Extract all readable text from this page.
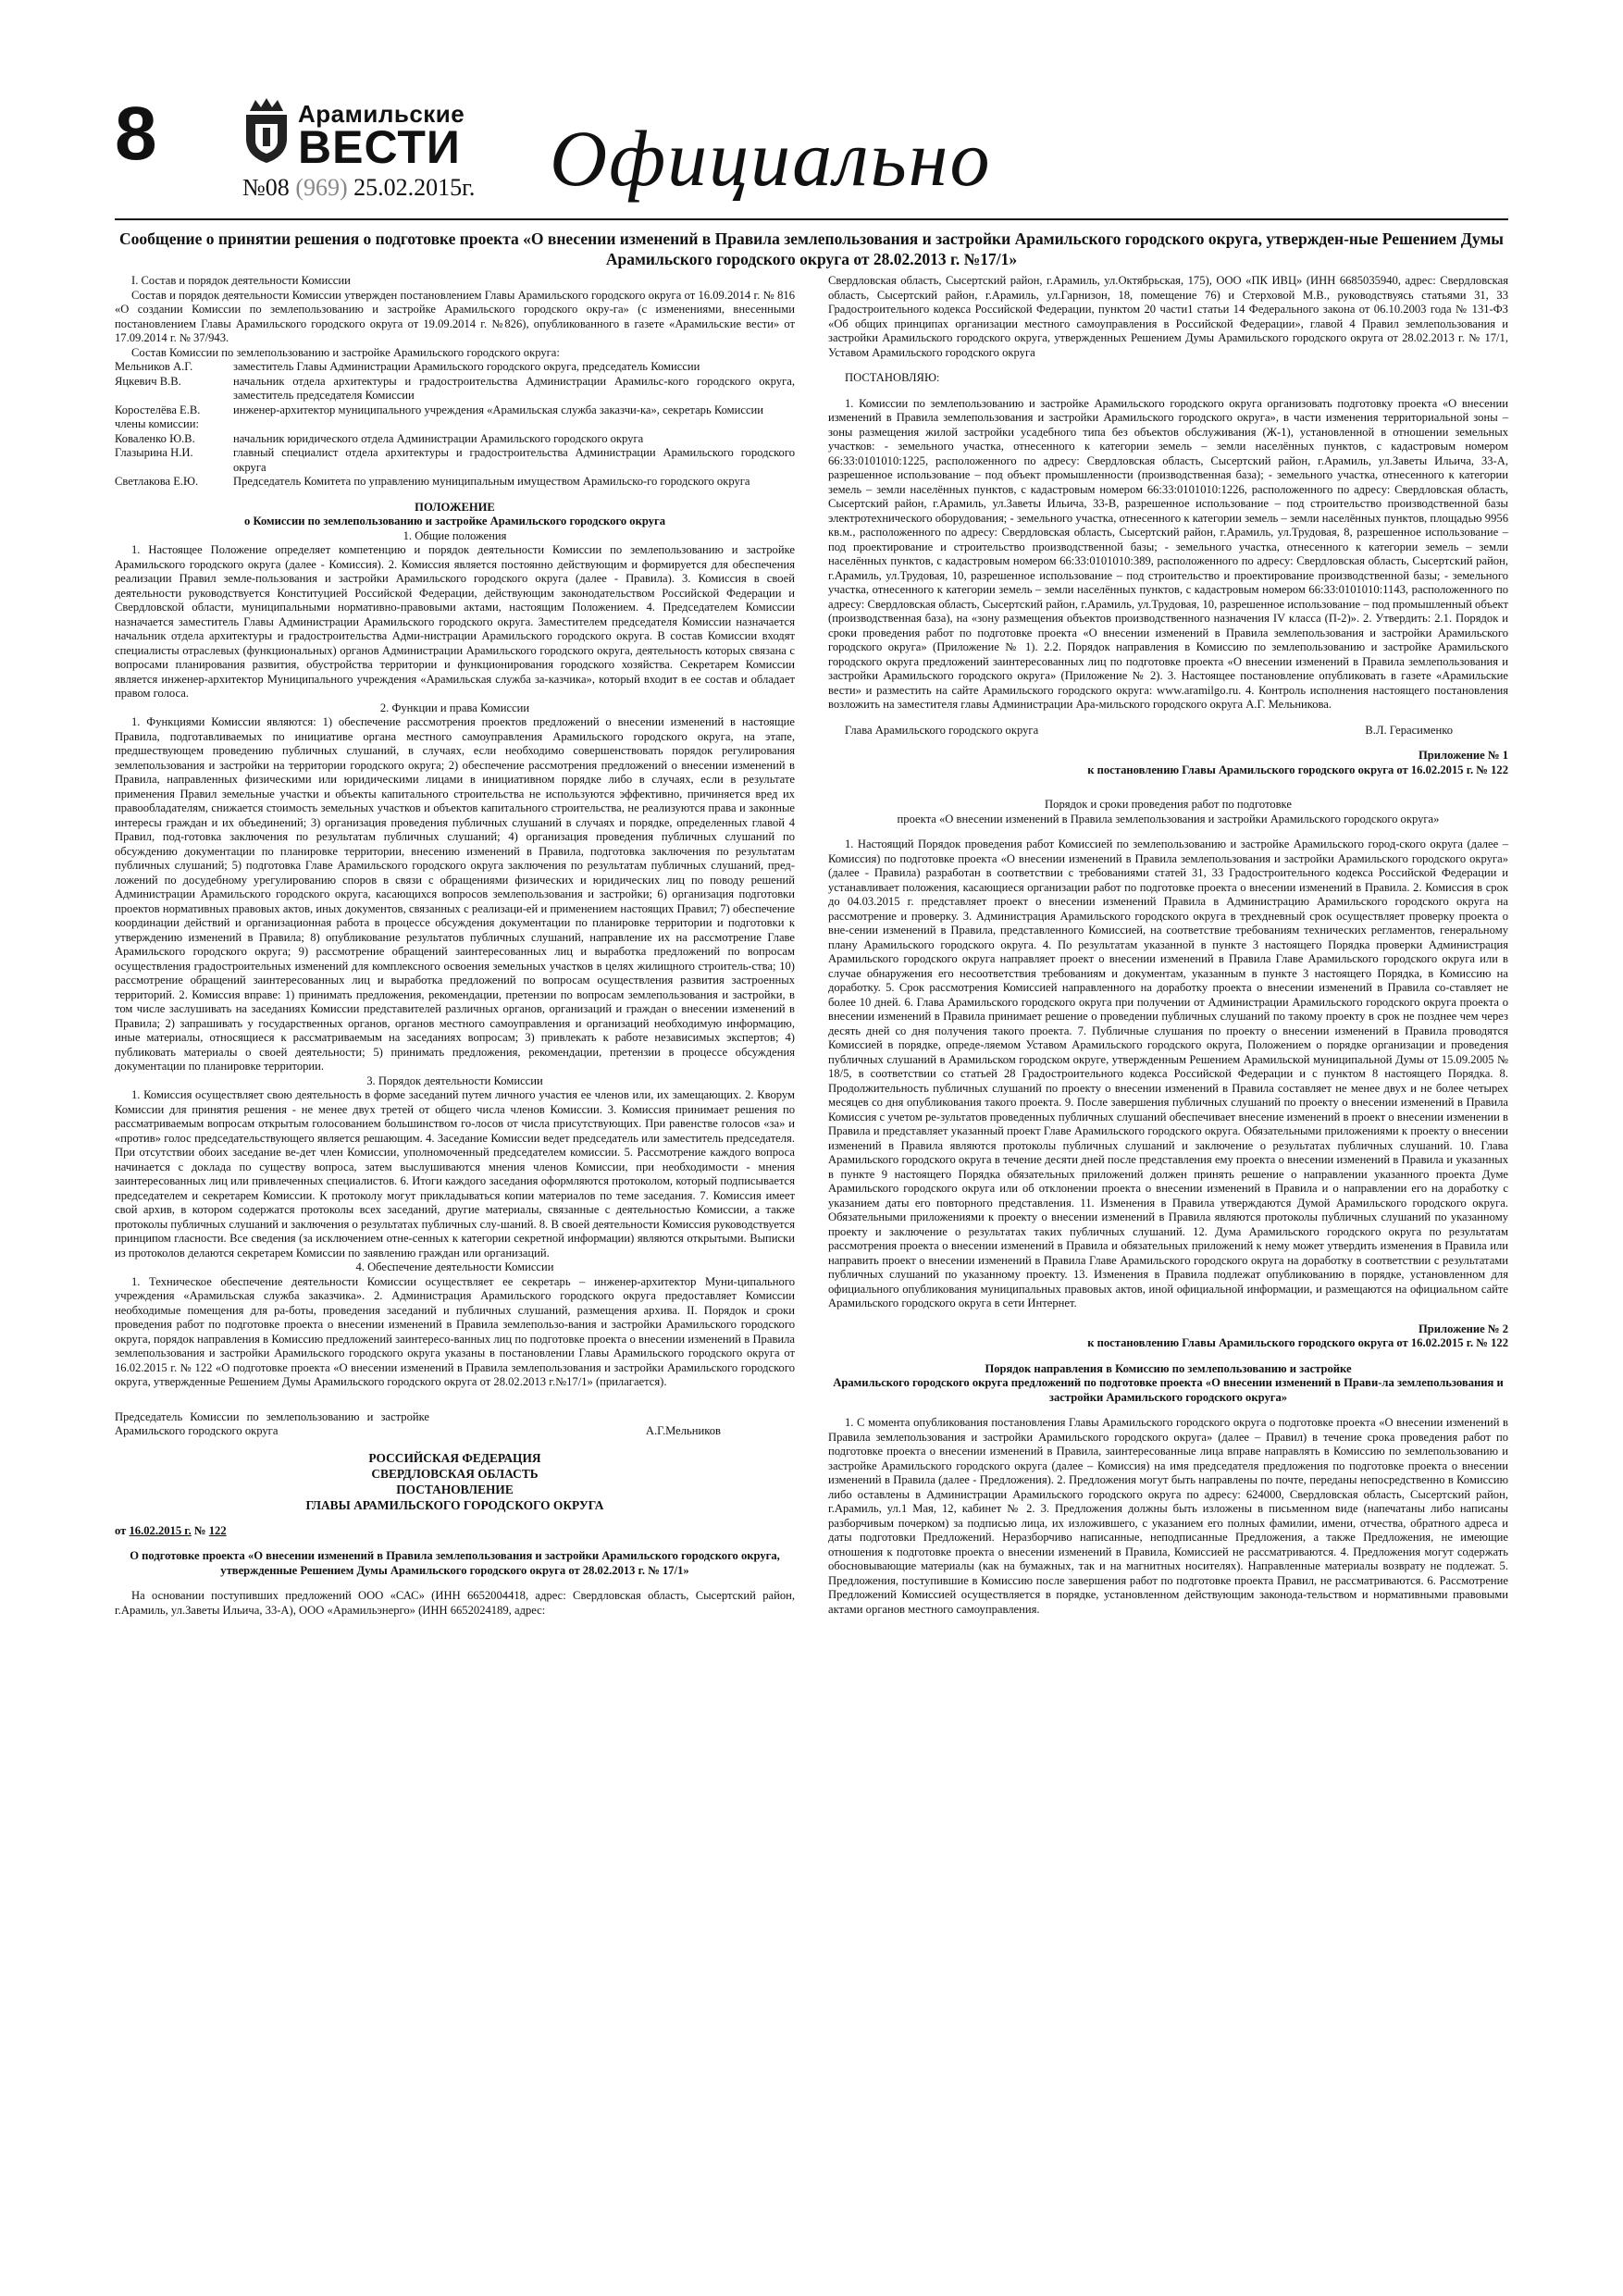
8	Арамильские
ВЕСТИ
№08 (969) 25.02.2015г. Официально
Сообщение о принятии решения о подготовке проекта «О внесении изменений в Правила землепользования и застройки Арамильского городского округа, утвержден-ные Решением Думы Арамильского городского округа от 28.02.2013 г. №17/1»

I. Состав и порядок деятельности Комиссии

Состав и порядок деятельности Комиссии утвержден постановлением Главы Арамильского городского округа от 16.09.2014 г. № 816 «О создании Комиссии по землепользованию и застройке Арамильского городского окру-га» (с изменениями, внесенными постановлением Главы Арамильского городского округа от 19.09.2014 г. №826), опубликованного в газете «Арамильские вести» от 17.09.2014 г. № 37/943.

Состав Комиссии по землепользованию и застройке Арамильского городского округа:

Мельников А.Г.	заместитель Главы Администрации Арамильского городского округа, председатель Комиссии
Яцкевич В.В.	начальник отдела архитектуры и градостроительства Администрации Арамильс-кого городского округа, заместитель председателя Комиссии
Коростелёва Е.В.	инженер-архитектор муниципального учреждения «Арамильская служба заказчи-ка», секретарь Комиссии

члены комиссии:

Коваленко Ю.В.	начальник юридического отдела Администрации Арамильского городского округа
Глазырина Н.И.	главный специалист отдела архитектуры и градостроительства Администрации Арамильского городского округа
Светлакова Е.Ю.	Председатель Комитета по управлению муниципальным имуществом Арамильско-го городского округа

ПОЛОЖЕНИЕ

о Комиссии по землепользованию и застройке Арамильского городского округа

1. Общие положения

1. Настоящее Положение определяет компетенцию и порядок деятельности Комиссии по землепользованию и застройке Арамильского городского округа (далее - Комиссия). 2. Комиссия является постоянно действующим и формируется для обеспечения реализации Правил земле-пользования и застройки Арамильского городского округа (далее - Правила). 3. Комиссия в своей деятельности руководствуется Конституцией Российской Федерации, действующим законодательством Российской Федерации и Свердловской области, муниципальными нормативно-правовыми актами, настоящим Положением. 4. Председателем Комиссии назначается заместитель Главы Администрации Арамильского городского округа. Заместителем председателя Комиссии назначается начальник отдела архитектуры и градостроительства Адми-нистрации Арамильского городского округа. В состав Комиссии входят специалисты отраслевых (функциональных) органов Администрации Арамильского городского округа, деятельность которых связана с вопросами планирования развития, обустройства территории и функционирования городского хозяйства. Секретарем Комиссии является инженер-архитектор Муниципального учреждения «Арамильская служба за-казчика», который входит в ее состав и обладает правом голоса.

2. Функции и права Комиссии

1. Функциями Комиссии являются: 1) обеспечение рассмотрения проектов предложений о внесении изменений в настоящие Правила, подготавливаемых по инициативе органа местного самоуправления Арамильского городского округа, на этапе, предшествующем проведению публичных слушаний, в случаях, если необходимо совершенствовать порядок регулирования землепользования и застройки на территории городского округа; 2) обеспечение рассмотрения предложений о внесении изменений в Правила, направленных физическими или юридическими лицами в инициативном порядке либо в случаях, если в результате применения Правил земельные участки и объекты капитального строительства не используются эффективно, причиняется вред их правообладателям, снижается стоимость земельных участков и объектов капитального строительства, не реализуются права и законные интересы граждан и их объединений; 3) организация проведения публичных слушаний в случаях и порядке, определенных главой 4 Правил, под-готовка заключения по результатам публичных слушаний; 4) организация проведения публичных слушаний по обсуждению документации по планировке территории, внесению изменений в Правила, подготовка заключения по результатам публичных слушаний; 5) подготовка Главе Арамильского городского округа заключения по результатам публичных слушаний, пред-ложений по досудебному урегулированию споров в связи с обращениями физических и юридических лиц по поводу решений Администрации Арамильского городского округа, касающихся вопросов землепользования и застройки; 6) организация подготовки проектов нормативных правовых актов, иных документов, связанных с реализаци-ей и применением настоящих Правил; 7) обеспечение координации действий и организационная работа в процессе обсуждения документации по планировке территории и подготовки к утверждению изменений в Правила; 8) опубликование результатов публичных слушаний, направление их на рассмотрение Главе Арамильского городского округа; 9) рассмотрение обращений заинтересованных лиц и выработка предложений по вопросам осуществления градостроительных изменений для комплексного освоения земельных участков в целях жилищного строитель-ства; 10) рассмотрение обращений заинтересованных лиц и выработка предложений по вопросам осуществления развития застроенных территорий. 2. Комиссия вправе: 1) принимать предложения, рекомендации, претензии по вопросам землепользования и застройки, в том числе заслушивать на заседаниях Комиссии представителей различных органов, организаций и граждан о внесении изменений в Правила; 2) запрашивать у государственных органов, органов местного самоуправления и организаций необходимую информацию, иные материалы, относящиеся к рассматриваемым на заседаниях вопросам; 3) привлекать к работе независимых экспертов; 4) публиковать материалы о своей деятельности; 5) принимать предложения, рекомендации, претензии в процессе обсуждения документации по планировке территории.

3. Порядок деятельности Комиссии

1. Комиссия осуществляет свою деятельность в форме заседаний путем личного участия ее членов или, их замещающих. 2. Кворум Комиссии для принятия решения - не менее двух третей от общего числа членов Комиссии. 3. Комиссия принимает решения по рассматриваемым вопросам открытым голосованием большинством го-лосов от числа присутствующих. При равенстве голосов «за» и «против» голос председательствующего является решающим. 4. Заседание Комиссии ведет председатель или заместитель председателя. При отсутствии обоих заседание ве-дет член Комиссии, уполномоченный председателем комиссии. 5. Рассмотрение каждого вопроса начинается с доклада по существу вопроса, затем выслушиваются мнения членов Комиссии, при необходимости - мнения заинтересованных лиц или привлеченных специалистов. 6. Итоги каждого заседания оформляются протоколом, который подписывается председателем и секретарем Комиссии. К протоколу могут прикладываться копии материалов по теме заседания. 7. Комиссия имеет свой архив, в котором содержатся протоколы всех заседаний, другие материалы, связанные с деятельностью Комиссии, а также протоколы публичных слушаний и заключения о результатах публичных слу-шаний. 8. В своей деятельности Комиссия руководствуется принципом гласности. Все сведения (за исключением отне-сенных к категории секретной информации) являются открытыми. Выписки из протоколов делаются секретарем Комиссии по заявлению граждан или организаций.

4. Обеспечение деятельности Комиссии

1. Техническое обеспечение деятельности Комиссии осуществляет ее секретарь – инженер-архитектор Муни-ципального учреждения «Арамильская служба заказчика». 2. Администрация Арамильского городского округа предоставляет Комиссии необходимые помещения для ра-боты, проведения заседаний и публичных слушаний, размещения архива. II. Порядок и сроки проведения работ по подготовке проекта о внесении изменений в Правила землепользо-вания и застройки Арамильского городского округа, порядок направления в Комиссию предложений заинтересо-ванных лиц по подготовке проекта о внесении изменений в Правила землепользования и застройки Арамильского городского округа указаны в постановлении Главы Арамильского городского округа от 16.02.2015 г. № 122 «О подготовке проекта «О внесении изменений в Правила землепользования и застройки Арамильского городского округа, утвержденные Решением Думы Арамильского городского округа от 28.02.2013 г.№17/1» (прилагается).

Председатель Комиссии по землепользованию и застройке Арамильского городского округа	А.Г.Мельников

РОССИЙСКАЯ ФЕДЕРАЦИЯ

СВЕРДЛОВСКАЯ ОБЛАСТЬ

ПОСТАНОВЛЕНИЕ

ГЛАВЫ АРАМИЛЬСКОГО ГОРОДСКОГО ОКРУГА

от 16.02.2015 г. № 122

О подготовке проекта «О внесении изменений в Правила землепользования и застройки Арамильского городского округа, утвержденные Решением Думы Арамильского городского округа от 28.02.2013 г. № 17/1»

На основании поступивших предложений ООО «САС» (ИНН 6652004418, адрес: Свердловская область, Сысертский район, г.Арамиль, ул.Заветы Ильича, 33-А), ООО «Арамильэнерго» (ИНН 6652024189, адрес:

Свердловская область, Сысертский район, г.Арамиль, ул.Октябрьская, 175), ООО «ПК ИВЦ» (ИНН 6685035940, адрес: Свердловская область, Сысертский район, г.Арамиль, ул.Гарнизон, 18, помещение 76) и Стерховой М.В., руководствуясь статьями 31, 33 Градостроительного кодекса Российской Федерации, пунктом 20 части1 статьи 14 Федерального закона от 06.10.2003 года № 131-ФЗ «Об общих принципах организации местного самоуправления в Российской Федерации», главой 4 Правил землепользования и застройки Арамильского городского округа, утвержденных Решением Думы Арамильского городского округа от 28.02.2013 г. № 17/1, Уставом Арамильского городского округа

ПОСТАНОВЛЯЮ:

1. Комиссии по землепользованию и застройке Арамильского городского округа организовать подготовку проекта «О внесении изменений в Правила землепользования и застройки Арамильского городского округа», в части изменения территориальной зоны – зоны размещения жилой застройки усадебного типа без объектов обслуживания (Ж-1), установленной в отношении земельных участков: - земельного участка, отнесенного к категории земель – земли населённых пунктов, с кадастровым номером 66:33:0101010:1225, расположенного по адресу: Свердловская область, Сысертский район, г.Арамиль, ул.Заветы Ильича, 33-А, разрешенное использование – под объект промышленности (производственная база); - земельного участка, отнесенного к категории земель – земли населённых пунктов, с кадастровым номером 66:33:0101010:1226, расположенного по адресу: Свердловская область, Сысертский район, г.Арамиль, ул.Заветы Ильича, 33-В, разрешенное использование – под строительство производственной базы электротехнического оборудования; - земельного участка, отнесенного к категории земель – земли населённых пунктов, площадью 9956 кв.м., расположенного по адресу: Свердловская область, Сысертский район, г.Арамиль, ул.Трудовая, 8, разрешенное использование – под проектирование и строительство производственной базы; - земельного участка, отнесенного к категории земель – земли населённых пунктов, с кадастровым номером 66:33:0101010:389, расположенного по адресу: Свердловская область, Сысертский район, г.Арамиль, ул.Трудовая, 10, разрешенное использование – под строительство и проектирование производственной базы; - земельного участка, отнесенного к категории земель – земли населённых пунктов, с кадастровым номером 66:33:0101010:1143, расположенного по адресу: Свердловская область, Сысертский район, г.Арамиль, ул.Трудовая, 10, разрешенное использование – под промышленный объект (производственная база), на «зону размещения объектов производственного назначения IV класса (П-2)». 2. Утвердить: 2.1. Порядок и сроки проведения работ по подготовке проекта «О внесении изменений в Правила землепользования и застройки Арамильского городского округа» (Приложение № 1). 2.2. Порядок направления в Комиссию по землепользованию и застройке Арамильского городского округа предложений заинтересованных лиц по подготовке проекта «О внесении изменений в Правила землепользования и застройки Арамильского городского округа» (Приложение № 2). 3. Настоящее постановление опубликовать в газете «Арамильские вести» и разместить на сайте Арамильского городского округа: www.aramilgo.ru. 4. Контроль исполнения настоящего постановления возложить на заместителя главы Администрации Ара-мильского городского округа А.Г. Мельникова.

Глава Арамильского городского округа	В.Л. Герасименко

Приложение № 1

к постановлению Главы Арамильского городского округа от 16.02.2015 г. № 122

Порядок и сроки проведения работ по подготовке

проекта «О внесении изменений в Правила землепользования и застройки Арамильского городского округа»

1. Настоящий Порядок проведения работ Комиссией по землепользованию и застройке Арамильского город-ского округа (далее – Комиссия) по подготовке проекта «О внесении изменений в Правила землепользования и застройки Арамильского городского округа» (далее - Правила) разработан в соответствии с требованиями статей 31, 33 Градостроительного кодекса Российской Федерации и устанавливает положения, касающиеся организации работ по подготовке проекта о внесении изменений в Правила. 2. Комиссия в срок до 04.03.2015 г. представляет проект о внесении изменений Правила в Администрацию Арамильского городского округа на рассмотрение и проверку. 3. Администрация Арамильского городского округа в трехдневный срок осуществляет проверку проекта о вне-сении изменений в Правила, представленного Комиссией, на соответствие требованиям технических регламентов, генеральному плану Арамильского городского округа. 4. По результатам указанной в пункте 3 настоящего Порядка проверки Администрация Арамильского городского округа направляет проект о внесении изменений в Правила Главе Арамильского городского округа или в случае обнаружения его несоответствия требованиям и документам, указанным в пункте 3 настоящего Порядка, в Комиссию на доработку. 5. Срок рассмотрения Комиссией направленного на доработку проекта о внесении изменений в Правила со-ставляет не более 10 дней. 6. Глава Арамильского городского округа при получении от Администрации Арамильского городского округа проекта о внесении изменений в Правила принимает решение о проведении публичных слушаний по такому проекту в срок не позднее чем через десять дней со дня получения такого проекта. 7. Публичные слушания по проекту о внесении изменений в Правила проводятся Комиссией в порядке, опреде-ляемом Уставом Арамильского городского округа, Положением о порядке организации и проведения публичных слушаний в Арамильском городском округе, утвержденным Решением Арамильской муниципальной Думы от 15.09.2005 № 18/5, в соответствии со статьей 28 Градостроительного кодекса Российской Федерации и с пунктом 8 настоящего Порядка. 8. Продолжительность публичных слушаний по проекту о внесении изменений в Правила составляет не менее двух и не более четырех месяцев со дня опубликования такого проекта. 9. После завершения публичных слушаний по проекту о внесении изменений в Правила Комиссия с учетом ре-зультатов проведенных публичных слушаний обеспечивает внесение изменений в проект о внесении изменении в Правила и представляет указанный проект Главе Арамильского городского округа. Обязательными приложениями к проекту о внесении изменений в Правила являются протоколы публичных слушаний и заключение о результатах публичных слушаний. 10. Глава Арамильского городского округа в течение десяти дней после представления ему проекта о внесении изменений в Правила и указанных в пункте 9 настоящего Порядка обязательных приложений должен принять решение о направлении указанного проекта Думе Арамильского городского округа или об отклонении проекта о внесении изменений в Правила и о направлении его на доработку с указанием даты его повторного представления. 11. Изменения в Правила утверждаются Думой Арамильского городского округа. Обязательными приложениями к проекту о внесении изменений в Правила являются протоколы публичных слушаний по указанному проекту и заключение о результатах таких публичных слушаний. 12. Дума Арамильского городского округа по результатам рассмотрения проекта о внесении изменений в Правила и обязательных приложений к нему может утвердить изменения в Правила или направить проект о внесении изменений в Правила Главе Арамильского городского округа на доработку в соответствии с результатами публичных слушаний по указанному проекту. 13. Изменения в Правила подлежат опубликованию в порядке, установленном для официального опубликования муниципальных правовых актов, иной официальной информации, и размещаются на официальном сайте Арамильского городского округа в сети Интернет.

Приложение № 2

к постановлению Главы Арамильского городского округа от 16.02.2015 г. № 122

Порядок направления в Комиссию по землепользованию и застройке

Арамильского городского округа предложений по подготовке проекта «О внесении изменений в Прави-ла землепользования и застройки Арамильского городского округа»

1. С момента опубликования постановления Главы Арамильского городского округа о подготовке проекта «О внесении изменений в Правила землепользования и застройки Арамильского городского округа» (далее – Правил) в течение срока проведения работ по подготовке проекта о внесении изменений в Правила, заинтересованные лица вправе направлять в Комиссию по землепользованию и застройке Арамильского городского округа (далее – Комиссия) на имя председателя предложения по подготовке проекта о внесении изменений в Правила (далее - Предложения). 2. Предложения могут быть направлены по почте, переданы непосредственно в Комиссию либо оставлены в Администрации Арамильского городского округа по адресу: 624000, Свердловская область, Сысертский район, г.Арамиль, ул.1 Мая, 12, кабинет № 2. 3. Предложения должны быть изложены в письменном виде (напечатаны либо написаны разборчивым почерком) за подписью лица, их изложившего, с указанием его полных фамилии, имени, отчества, обратного адреса и даты подготовки Предложений. Неразборчиво написанные, неподписанные Предложения, а также Предложения, не имеющие отношения к подготовке проекта о внесении изменений в Правила, Комиссией не рассматриваются. 4. Предложения могут содержать обосновывающие материалы (как на бумажных, так и на магнитных носителях). Направленные материалы возврату не подлежат. 5. Предложения, поступившие в Комиссию после завершения работ по подготовке проекта Правил, не рассматриваются. 6. Рассмотрение Предложений Комиссией осуществляется в порядке, установленном действующим законода-тельством и нормативными правовыми актами органов местного самоуправления.
